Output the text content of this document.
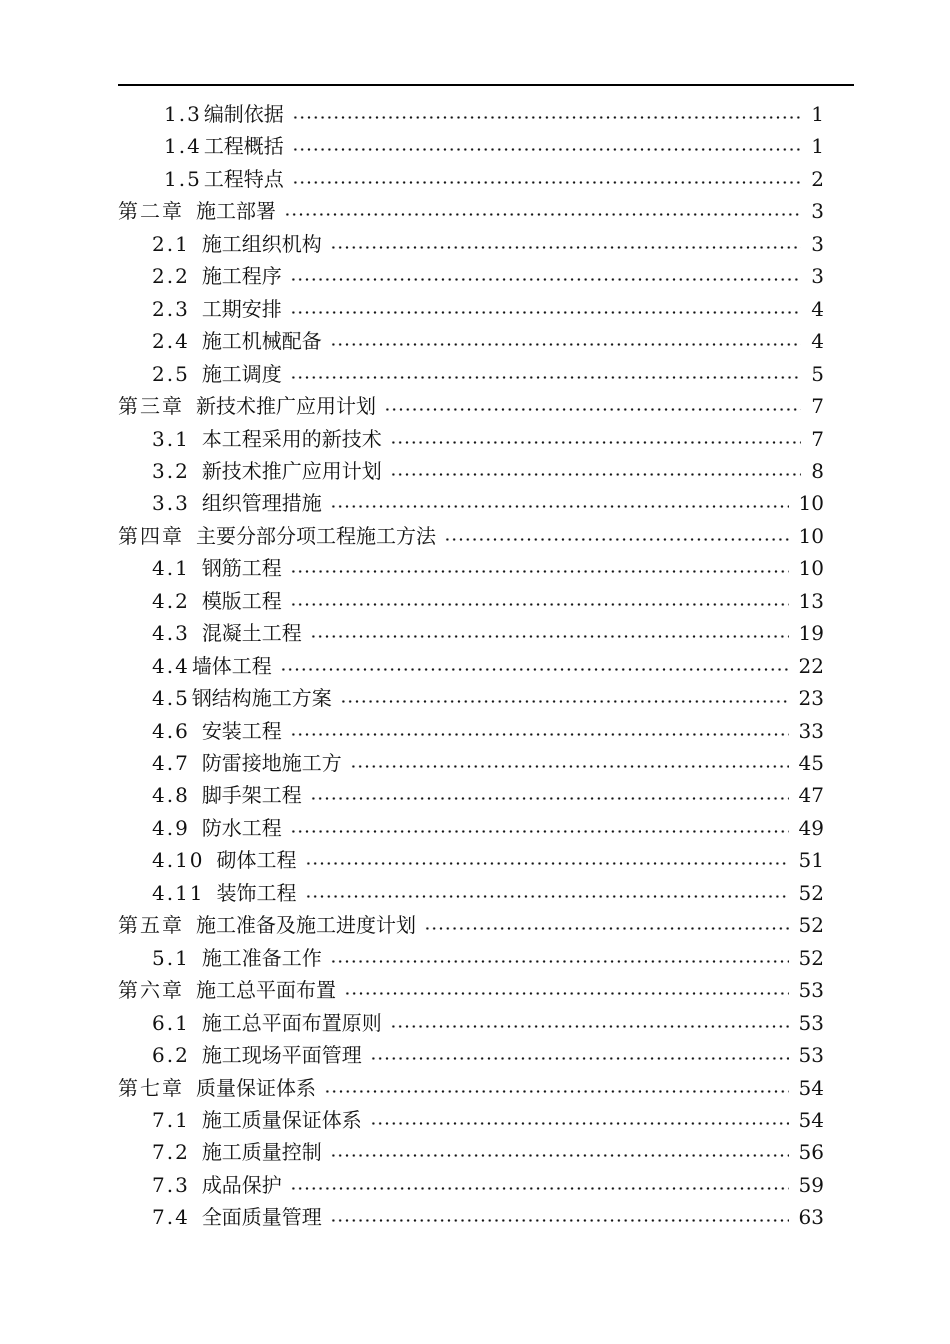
1.3 编制依据	1
1.4 工程概括	1
1.5 工程特点	2
第二章 施工部署	3
2.1 施工组织机构	3
2.2 施工程序	3
2.3 工期安排	4
2.4 施工机械配备	4
2.5 施工调度	5
第三章 新技术推广应用计划	7
3.1 本工程采用的新技术	7
3.2 新技术推广应用计划	8
3.3 组织管理措施	10
第四章 主要分部分项工程施工方法	10
4.1 钢筋工程	10
4.2 模版工程	13
4.3 混凝土工程	19
4.4 墙体工程	22
4.5 钢结构施工方案	23
4.6 安装工程	33
4.7 防雷接地施工方	45
4.8 脚手架工程	47
4.9 防水工程	49
4.10 砌体工程	51
4.11 装饰工程	52
第五章 施工准备及施工进度计划	52
5.1 施工准备工作	52
第六章 施工总平面布置	53
6.1 施工总平面布置原则	53
6.2 施工现场平面管理	53
第七章 质量保证体系	54
7.1 施工质量保证体系	54
7.2 施工质量控制	56
7.3 成品保护	59
7.4 全面质量管理	63
